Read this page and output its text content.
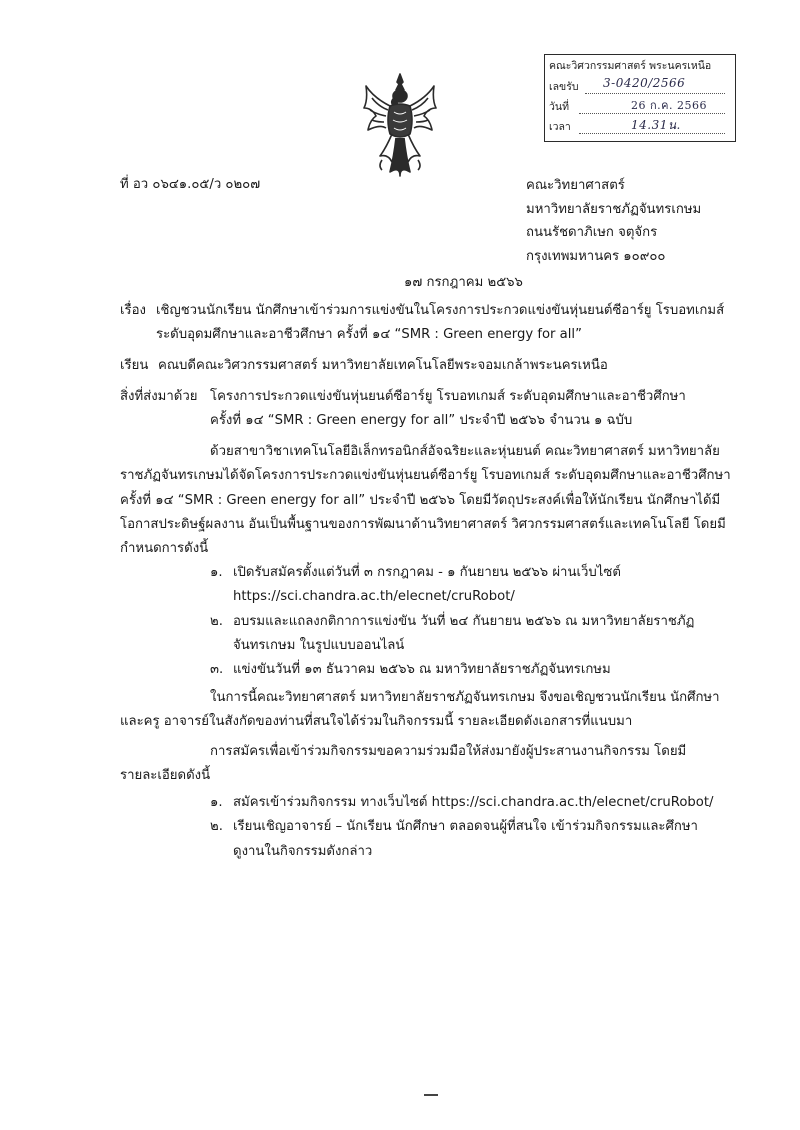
คณะวิศวกรรมศาสตร์ พระนครเหนือ
เลขรับ 3-0420/2566
วันที่	26 ก.ค. 2566
เวลา	14.31น.
ที่ อว ๐๖๔๑.๐๕/ว ๐๒๐๗	คณะวิทยาศาสตร์
มหาวิทยาลัยราชภัฏจันทรเกษม
ถนนรัชดาภิเษก จตุจักร
กรุงเทพมหานคร ๑๐๙๐๐
๑๗ กรกฎาคม ๒๕๖๖
เรื่อง เชิญชวนนักเรียน นักศึกษาเข้าร่วมการแข่งขันในโครงการประกวดแข่งขันหุ่นยนต์ซีอาร์ยู โรบอทเกมส์
ระดับอุดมศึกษาและอาชีวศึกษา ครั้งที่ ๑๔ “SMR : Green energy for all”
เรียน คณบดีคณะวิศวกรรมศาสตร์ มหาวิทยาลัยเทคโนโลยีพระจอมเกล้าพระนครเหนือ
สิ่งที่ส่งมาด้วย โครงการประกวดแข่งขันหุ่นยนต์ซีอาร์ยู โรบอทเกมส์ ระดับอุดมศึกษาและอาชีวศึกษา
ครั้งที่ ๑๔ “SMR : Green energy for all” ประจำปี ๒๕๖๖ จำนวน ๑ ฉบับ
ด้วยสาขาวิชาเทคโนโลยีอิเล็กทรอนิกส์อัจฉริยะและหุ่นยนต์ คณะวิทยาศาสตร์ มหาวิทยาลัย
ราชภัฏจันทรเกษมได้จัดโครงการประกวดแข่งขันหุ่นยนต์ซีอาร์ยู โรบอทเกมส์ ระดับอุดมศึกษาและอาชีวศึกษา
ครั้งที่ ๑๔ “SMR : Green energy for all” ประจำปี ๒๕๖๖ โดยมีวัตถุประสงค์เพื่อให้นักเรียน นักศึกษาได้มี
โอกาสประดิษฐ์ผลงาน อันเป็นพื้นฐานของการพัฒนาด้านวิทยาศาสตร์ วิศวกรรมศาสตร์และเทคโนโลยี โดยมี
กำหนดการดังนี้
๑. เปิดรับสมัครตั้งแต่วันที่ ๓ กรกฎาคม - ๑ กันยายน ๒๕๖๖ ผ่านเว็บไซต์
https://sci.chandra.ac.th/elecnet/cruRobot/
๒. อบรมและแถลงกติกาการแข่งขัน วันที่ ๒๔ กันยายน ๒๕๖๖ ณ มหาวิทยาลัยราชภัฏ
จันทรเกษม ในรูปแบบออนไลน์
๓. แข่งขันวันที่ ๑๓ ธันวาคม ๒๕๖๖ ณ มหาวิทยาลัยราชภัฏจันทรเกษม
ในการนี้คณะวิทยาศาสตร์ มหาวิทยาลัยราชภัฏจันทรเกษม จึงขอเชิญชวนนักเรียน นักศึกษา
และครู อาจารย์ในสังกัดของท่านที่สนใจได้ร่วมในกิจกรรมนี้ รายละเอียดดังเอกสารที่แนบมา
การสมัครเพื่อเข้าร่วมกิจกรรมขอความร่วมมือให้ส่งมายังผู้ประสานงานกิจกรรม โดยมี
รายละเอียดดังนี้
๑. สมัครเข้าร่วมกิจกรรม ทางเว็บไซต์ https://sci.chandra.ac.th/elecnet/cruRobot/
๒. เรียนเชิญอาจารย์ – นักเรียน นักศึกษา ตลอดจนผู้ที่สนใจ เข้าร่วมกิจกรรมและศึกษา
ดูงานในกิจกรรมดังกล่าว
